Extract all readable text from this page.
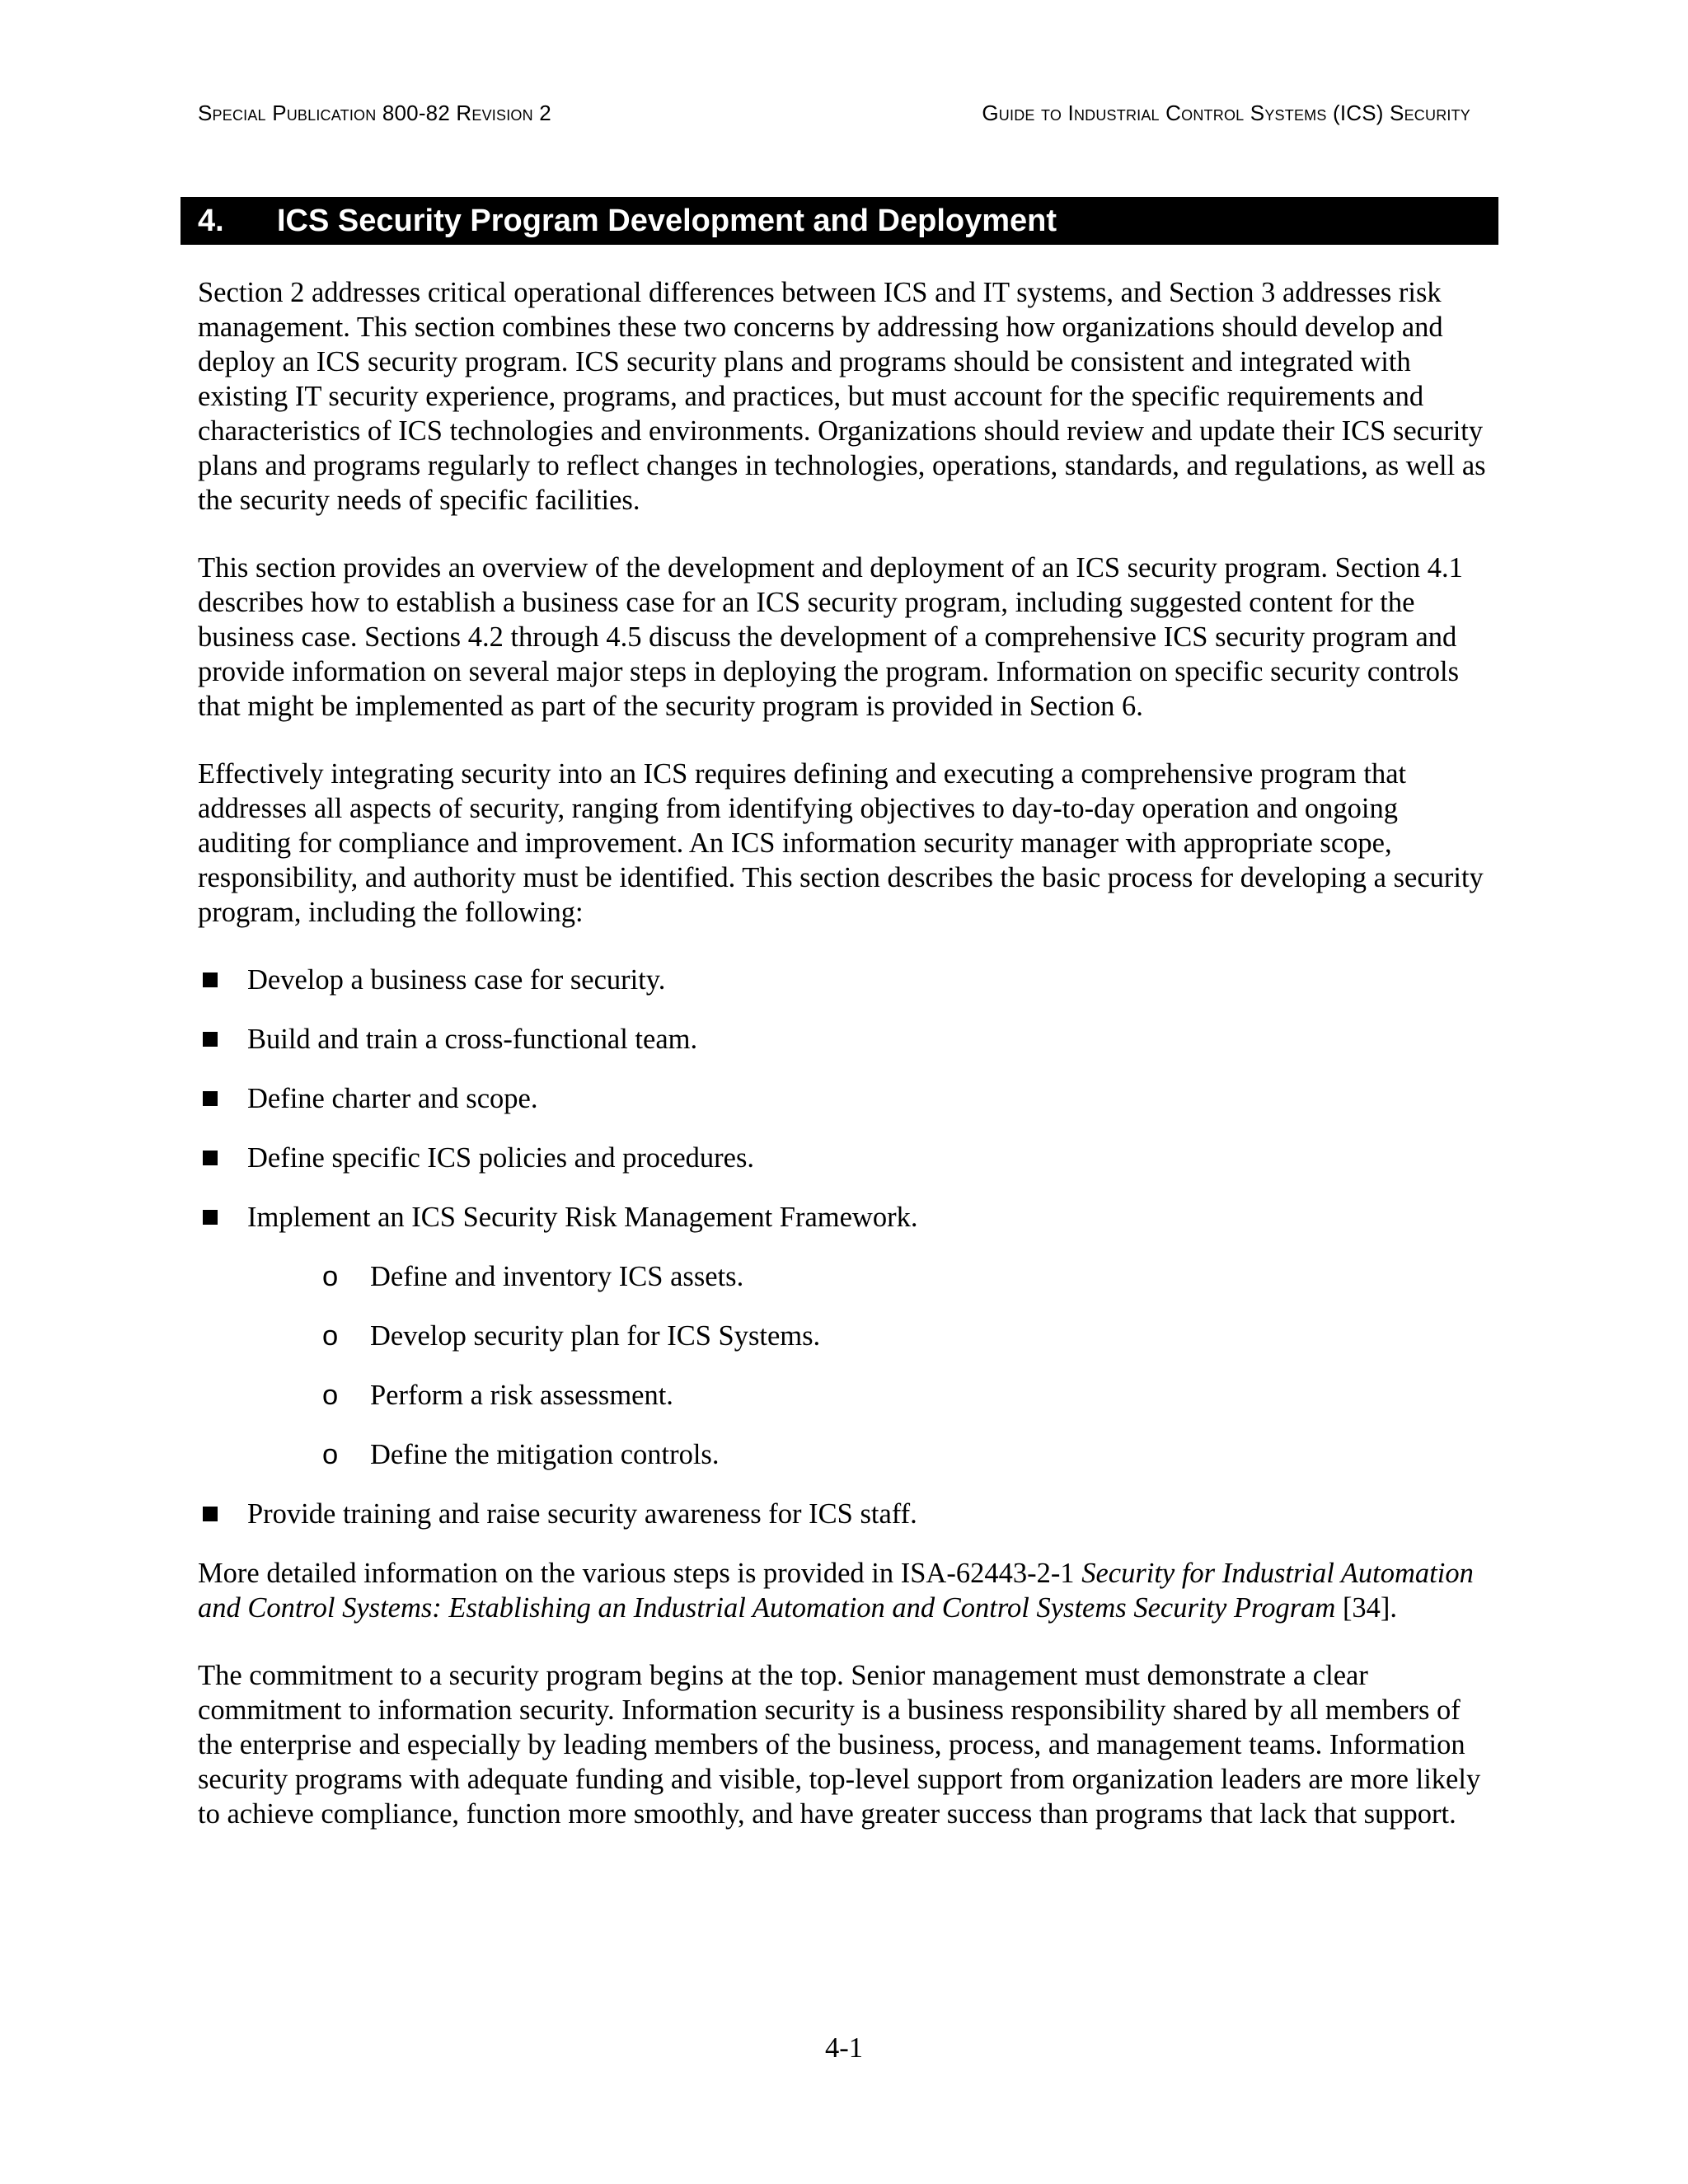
Special Publication 800-82 Revision 2	Guide to Industrial Control Systems (ICS) Security
4. ICS Security Program Development and Deployment

Section 2 addresses critical operational differences between ICS and IT systems, and Section 3 addresses risk management. This section combines these two concerns by addressing how organizations should develop and deploy an ICS security program. ICS security plans and programs should be consistent and integrated with existing IT security experience, programs, and practices, but must account for the specific requirements and characteristics of ICS technologies and environments. Organizations should review and update their ICS security plans and programs regularly to reflect changes in technologies, operations, standards, and regulations, as well as the security needs of specific facilities.

This section provides an overview of the development and deployment of an ICS security program. Section 4.1 describes how to establish a business case for an ICS security program, including suggested content for the business case. Sections 4.2 through 4.5 discuss the development of a comprehensive ICS security program and provide information on several major steps in deploying the program. Information on specific security controls that might be implemented as part of the security program is provided in Section 6.

Effectively integrating security into an ICS requires defining and executing a comprehensive program that addresses all aspects of security, ranging from identifying objectives to day-to-day operation and ongoing auditing for compliance and improvement. An ICS information security manager with appropriate scope, responsibility, and authority must be identified. This section describes the basic process for developing a security program, including the following:

Develop a business case for security.
Build and train a cross-functional team.
Define charter and scope.
Define specific ICS policies and procedures.
Implement an ICS Security Risk Management Framework.
o Define and inventory ICS assets.
o Develop security plan for ICS Systems.
o Perform a risk assessment.
o Define the mitigation controls.
Provide training and raise security awareness for ICS staff.

More detailed information on the various steps is provided in ISA-62443-2-1 Security for Industrial Automation and Control Systems: Establishing an Industrial Automation and Control Systems Security Program [34].

The commitment to a security program begins at the top. Senior management must demonstrate a clear commitment to information security. Information security is a business responsibility shared by all members of the enterprise and especially by leading members of the business, process, and management teams. Information security programs with adequate funding and visible, top-level support from organization leaders are more likely to achieve compliance, function more smoothly, and have greater success than programs that lack that support.

4-1
